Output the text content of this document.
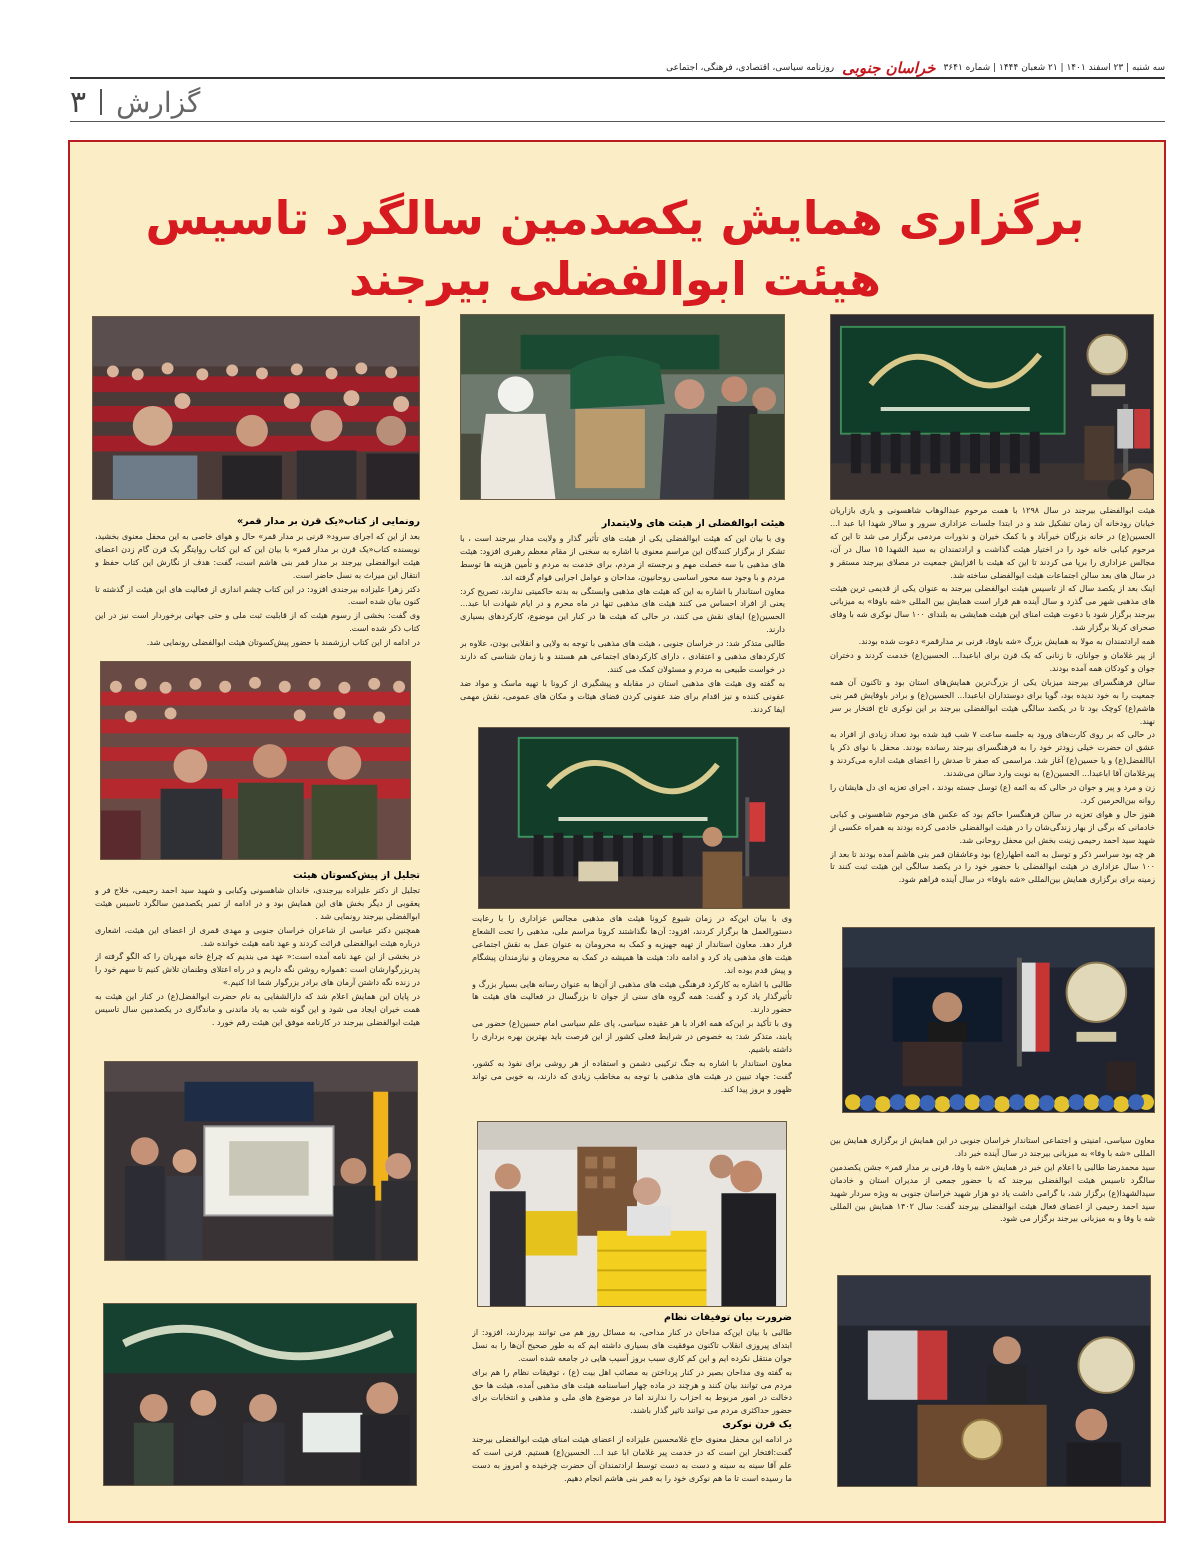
سه شنبه | ۲۳ اسفند ۱۴۰۱ | ۲۱ شعبان ۱۴۴۴ | شماره ۳۶۴۱
خراسان جنوبی
روزنامه سیاسی، اقتصادی، فرهنگی، اجتماعی
۳ گزارش
برگزاری همایش یکصدمین سالگرد تاسیس
هیئت ابوالفضلی بیرجند

هیئت ابوالفضلی بیرجند در سال ۱۲۹۸ با همت مرحوم عبدالوهاب شاهسونی و یاری بازاریان خیابان رودخانه آن زمان تشکیل شد و در ابتدا جلسات عزاداری سرور و سالار شهدا ابا عبد ا... الحسین(ع) در خانه بزرگان خیرآباد و با کمک خیران و نذورات مردمی برگزار می شد تا این که مرحوم کبابی خانه خود را در اختیار هیئت گذاشت و ارادتمندان به سید الشهدا ۱۵ سال در آن، مجالس عزاداری را برپا می کردند تا این که هیئت با افزایش جمعیت در مصلای بیرجند مستقر و در سال های بعد سالن اجتماعات هیئت ابوالفضلی ساخته شد.

اینک بعد از یکصد سال که از تاسیس هیئت ابوالفضلی بیرجند به عنوان یکی از قدیمی ترین هیئت های مذهبی شهر می گذرد و سال آینده هم قرار است همایش بین المللی «شه باوفا» به میزبانی بیرجند برگزار شود با دعوت هیئت امنای این هیئت همایشی به بلندای ۱۰۰ سال نوکری شه با وفای صحرای کربلا برگزار شد.

همه ارادتمندان به مولا به همایش بزرگ «شه باوفا، قرنی بر مدارقمر» دعوت شده بودند.

از پیر غلامان و جوانان، تا زنانی که یک قرن برای اباعبدا... الحسین(ع) خدمت کردند و دختران جوان و کودکان همه آمده بودند.

سالن فرهنگسرای بیرجند میزبان یکی از بزرگ‌ترین همایش‌های استان بود و تاکنون آن همه جمعیت را به خود ندیده بود، گویا برای دوستداران اباعبدا... الحسین(ع) و برادر باوفایش قمر بنی هاشم(ع) کوچک بود تا در یکصد سالگی هیئت ابوالفضلی بیرجند بر این نوکری تاج افتخار بر سر نهند.

در حالی که بر روی کارت‌های ورود به جلسه ساعت ۷ شب قید شده بود تعداد زیادی از افراد به عشق ان حضرت خیلی زودتر خود را به فرهنگسرای بیرجند رسانده بودند. محفل با نوای ذکر یا اباالفضل(ع) و یا حسین(ع) آغاز شد. مراسمی که صفر تا صدش را اعضای هیئت اداره می‌کردند و پیرغلامان آقا اباعبدا... الحسین(ع) به نوبت وارد سالن می‌شدند.

زن و مرد و پیر و جوان در حالی که به ائمه (ع) توسل جسته بودند ، اجرای تعزیه ای دل هایشان را روانه بین‌الحرمین کرد.

هنوز حال و هوای تعزیه در سالن فرهنگسرا حاکم بود که عکس های مرحوم شاهسونی و کبابی خادمانی که برگی از بهار زندگی‌شان را در هیئت ابوالفضلی خادمی کرده بودند به همراه عکسی از شهید سید احمد رحیمی زینت بخش این محفل روحانی شد.

هر چه بود سراسر ذکر و توسل به ائمه اطهار(ع) بود وعاشقان قمر بنی هاشم آمده بودند تا بعد از ۱۰۰ سال عزاداری در هیئت ابوالفضلی با حضور خود را در یکصد سالگی این هیئت ثبت کنند تا زمینه برای برگزاری همایش بین‌المللی «شه باوفا» در سال آینده فراهم شود.

معاون سیاسی، امنیتی و اجتماعی استاندار خراسان جنوبی در این همایش از برگزاری همایش بین المللی «شه با وفا» به میزبانی بیرجند در سال آینده خبر داد.

سید محمدرضا طالبی با اعلام این خبر در همایش «شه با وفا، قرنی بر مدار قمر» جشن یکصدمین سالگرد تاسیس هیئت ابوالفضلی بیرجند که با حضور جمعی از مدیران استان و خادمان سیدالشهدا(ع) برگزار شد، با گرامی داشت یاد دو هزار شهید خراسان جنوبی به ویژه سردار شهید سید احمد رحیمی از اعضای فعال هیئت ابوالفضلی بیرجند گفت: سال ۱۴۰۲ همایش بین المللی شه با وفا و به میزبانی بیرجند برگزار می شود.

هیئت ابوالفضلی از هیئت های ولایتمدار

وی با بیان این که هیئت ابوالفضلی یکی از هیئت های تأثیر گذار و ولایت مدار بیرجند است ، با تشکر از برگزار کنندگان این مراسم معنوی با اشاره به سخنی از مقام معظم رهبری افزود: هیئت های مذهبی با سه خصلت مهم و برجسته از مردم، برای خدمت به مردم و تأمین هزینه ها توسط مردم و با وجود سه محور اساسی روحانیون، مداحان و عوامل اجرایی قوام گرفته اند.

معاون استاندار با اشاره به این که هیئت های مذهبی وابستگی به بدنه حاکمیتی ندارند، تصریح کرد: یعنی از افراد احساس می کنند هیئت های مذهبی تنها در ماه محرم و در ایام شهادت ابا عبد... الحسین(ع) ایفای نقش می کنند، در حالی که هیئت ها در کنار این موضوع، کارکردهای بسیاری دارند.

طالبی متذکر شد: در خراسان جنوبی ، هیئت های مذهبی با توجه به ولایی و انقلابی بودن، علاوه بر کارکردهای مذهبی و اعتقادی ، دارای کارکردهای اجتماعی هم هستند و با زمان شناسی که دارند در خواست طبیعی به مردم و مسئولان کمک می کنند.

به گفته وی هیئت های مذهبی استان در مقابله و پیشگیری از کرونا با تهیه ماسک و مواد ضد عفونی کننده و نیز اقدام برای ضد عفونی کردن فضای هیئات و مکان های عمومی، نقش مهمی ایفا کردند.

وی با بیان این‌که در زمان شیوع کرونا هیئت های مذهبی مجالس عزاداری را با رعایت دستورالعمل ها برگزار کردند، افزود: آن‌ها نگذاشتند کرونا مراسم ملی، مذهبی را تحت الشعاع قرار دهد. معاون استاندار از تهیه جهیزیه و کمک به محرومان به عنوان عمل به نقش اجتماعی هیئت های مذهبی یاد کرد و ادامه داد: هیئت ها همیشه در کمک به محرومان و نیازمندان پیشگام و پیش قدم بوده اند.

طالبی با اشاره به کارکرد فرهنگی هیئت های مذهبی از آن‌ها به عنوان رسانه هایی بسیار بزرگ و تأثیرگذار یاد کرد و گفت: همه گروه های سنی از جوان تا بزرگسال در فعالیت های هیئت ها حضور دارند.

وی با تأکید بر این‌که همه افراد با هر عقیده سیاسی، پای علم سیاسی امام حسین(ع) حضور می یابند، متذکر شد: به خصوص در شرایط فعلی کشور از این فرصت باید بهترین بهره برداری را داشته باشیم.

معاون استاندار با اشاره به جنگ ترکیبی دشمن و استفاده از هر روشی برای نفوذ به کشور، گفت: جهاد تبیین در هیئت های مذهبی با توجه به مخاطب زیادی که دارند، به خوبی می تواند ظهور و بروز پیدا کند.

ضرورت بیان توفیقات نظام

طالبی با بیان این‌که مداحان در کنار مداحی، به مسائل روز هم می توانند بپردازند، افزود: از ابتدای پیروزی انقلاب تاکنون موفقیت های بسیاری داشته ایم که به طور صحیح آن‌ها را به نسل جوان منتقل نکرده ایم و این کم کاری سبب بروز آسیب هایی در جامعه شده است.

به گفته وی مداحان بصیر در کنار پرداختن به مصائب اهل بیت (ع) ، توفیقات نظام را هم برای مردم می توانند بیان کنند و هرچند در ماده چهار اساسنامه هیئت های مذهبی آمده، هیئت ها حق دخالت در امور مربوط به احزاب را ندارند اما در موضوع های ملی و مذهبی و انتخابات برای حضور حداکثری مردم می توانند تاثیر گذار باشند.

یک قرن نوکری

در ادامه این محفل معنوی حاج غلامحسین علیزاده از اعضای هیئت امنای هیئت ابوالفضلی بیرجند گفت:افتخار این است که در خدمت پیر غلامان ابا عبد ا... الحسین(ع) هستیم. قرنی است که علم آقا سینه به سینه و دست به دست توسط ارادتمندان آن حضرت چرخیده و امروز به دست ما رسیده است تا ما هم نوکری خود را به قمر بنی هاشم انجام دهیم.

رونمایی از کتاب«یک قرن بر مدار قمر»

بعد از این که اجرای سرود« قرنی بر مدار قمر» حال و هوای خاصی به این محفل معنوی بخشید، نویسنده کتاب«یک قرن بر مدار قمر» با بیان این که این کتاب روایتگر یک قرن گام زدن اعضای هیئت ابوالفضلی بیرجند بر مدار قمر بنی هاشم است، گفت: هدف از نگارش این کتاب حفظ و انتقال این میراث به نسل حاضر است.

دکتر زهرا علیزاده بیرجندی افزود: در این کتاب چشم اندازی از فعالیت های این هیئت از گذشته تا کنون بیان شده است.

وی گفت: بخشی از رسوم هیئت که از قابلیت ثبت ملی و حتی جهانی برخوردار است نیز در این کتاب ذکر شده است.

در ادامه از این کتاب ارزشمند با حضور پیش‌کسوتان هیئت ابوالفضلی رونمایی شد.

تجلیل از پیش‌کسوتان هیئت

تجلیل از دکتر علیزاده بیرجندی، خاندان شاهسونی وکبابی و شهید سید احمد رحیمی، خلاج فر و یعقوبی از دیگر بخش های این همایش بود و در ادامه از تمبر یکصدمین سالگرد تاسیس هیئت ابوالفضلی بیرجند رونمایی شد .

همچنین دکتر عباسی از شاعران خراسان جنوبی و مهدی قمری از اعضای این هیئت، اشعاری درباره هیئت ابوالفضلی قرائت کردند و عهد نامه هیئت خوانده شد.

در بخشی از این عهد نامه آمده است:« عهد می بندیم که چراغ خانه مهربان را که الگو گرفته از پدربزرگوارشان است :همواره روشن نگه داریم و در راه اعتلای وطنمان تلاش کنیم تا سهم خود را در زنده نگه داشتن آرمان های برادر بزرگوار شما ادا کنیم.»

در پایان این همایش اعلام شد که دارالشفایی به نام حضرت ابوالفضل(ع) در کنار این هیئت به همت خیران ایجاد می شود و این گونه شب به یاد ماندنی و ماندگاری در یکصدمین سال تاسیس هیئت ابوالفضلی بیرجند در کارنامه موفق این هیئت رقم خورد .
